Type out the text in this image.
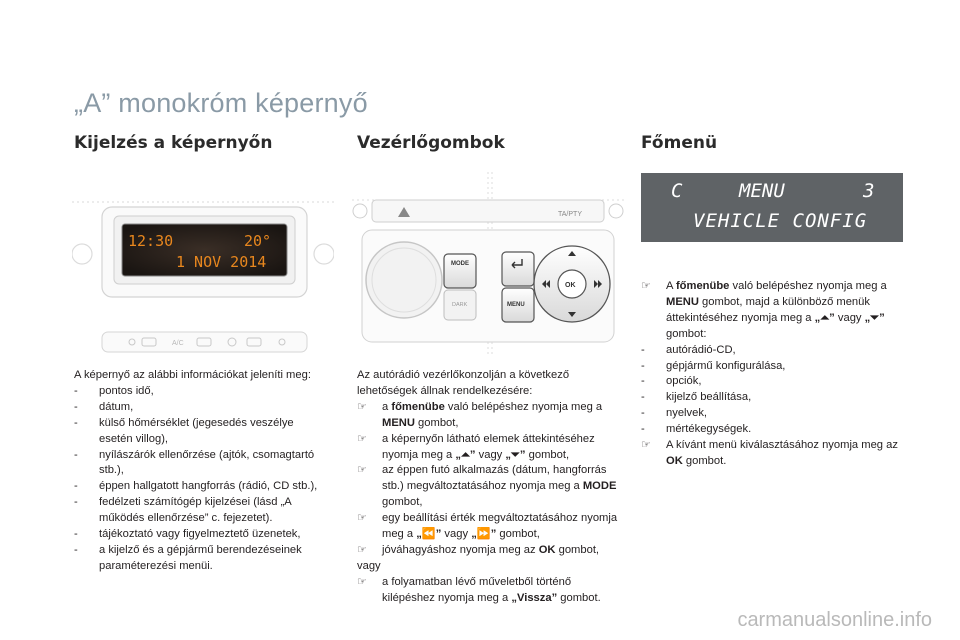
„A” monokróm képernyő
Kijelzés a képernyőn
12:30	20°
1 NOV 2014
A/C

A képernyő az alábbi információkat jeleníti meg:

-	pontos idő,
-	dátum,
-	külső hőmérséklet (jegesedés veszélye esetén villog),
-	nyílászárók ellenőrzése (ajtók, csomagtartó stb.),
-	éppen hallgatott hangforrás (rádió, CD stb.),
-	fedélzeti számítógép kijelzései (lásd „A működés ellenőrzése” c. fejezetet).
-	tájékoztató vagy figyelmeztető üzenetek,
-	a kijelző és a gépjármű berendezéseinek paraméterezési menüi.
Vezérlőgombok
TA/PTY
MODE
DARK	MENU
OK

Az autórádió vezérlőkonzolján a következő lehetőségek állnak rendelkezésére:

☞	a főmenübe való belépéshez nyomja meg a MENU gombot,
☞	a képernyőn látható elemek áttekintéséhez nyomja meg a „⏶” vagy „⏷” gombot,
☞	az éppen futó alkalmazás (dátum, hangforrás stb.) megváltoztatásához nyomja meg a MODE gombot,
☞	egy beállítási érték megváltoztatásához nyomja meg a „⏪” vagy „⏩” gombot,
☞	jóváhagyáshoz nyomja meg az OK gombot,

vagy

☞	a folyamatban lévő műveletből történő kilépéshez nyomja meg a „Vissza” gombot.
Főmenü
C	MENU	3
VEHICLE CONFIG
☞	A főmenübe való belépéshez nyomja meg a MENU gombot, majd a különböző menük áttekintéséhez nyomja meg a „⏶” vagy „⏷” gombot:
-	autórádió-CD,
-	gépjármű konfigurálása,
-	opciók,
-	kijelző beállítása,
-	nyelvek,
-	mértékegységek.
☞	A kívánt menü kiválasztásához nyomja meg az OK gombot.
carmanualsonline.info
